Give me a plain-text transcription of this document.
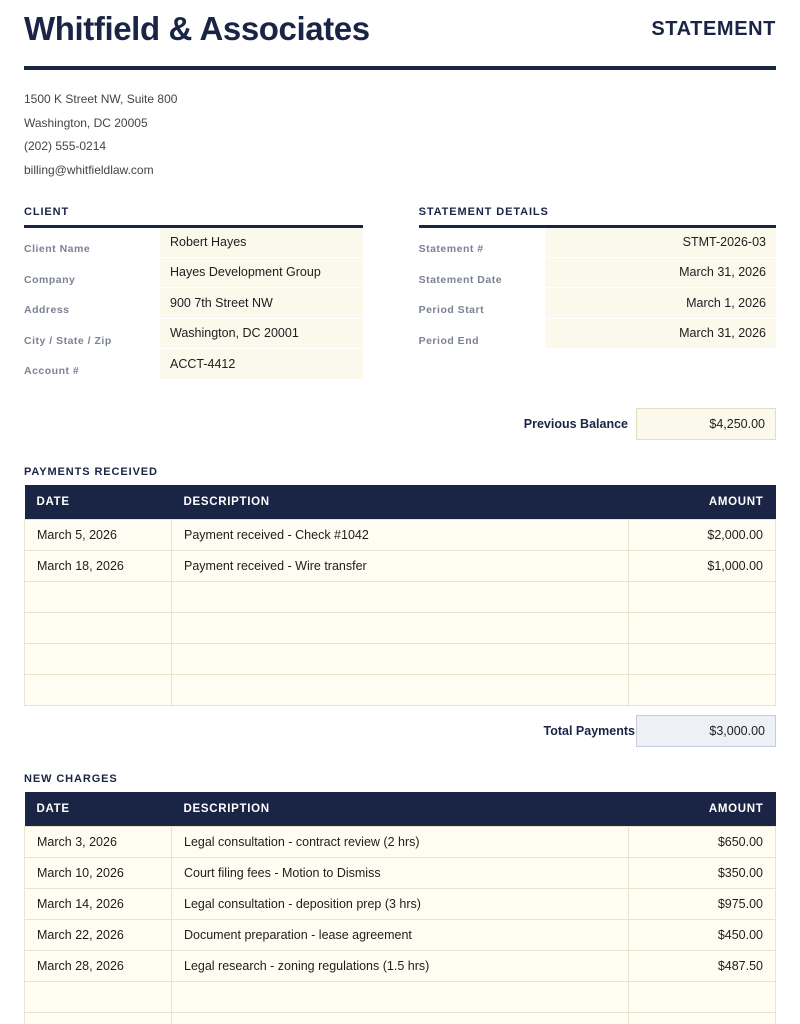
Whitfield & Associates	STATEMENT
1500 K Street NW, Suite 800
Washington, DC 20005
(202) 555-0214
billing@whitfieldlaw.com
CLIENT
Client Name	Robert Hayes
Company	Hayes Development Group
Address	900 7th Street NW
City / State / Zip	Washington, DC 20001
Account #	ACCT-4412
STATEMENT DETAILS
Statement #	STMT-2026-03
Statement Date	March 31, 2026
Period Start	March 1, 2026
Period End	March 31, 2026
Previous Balance	$4,250.00
PAYMENTS RECEIVED
DATE	DESCRIPTION	AMOUNT
March 5, 2026	Payment received - Check #1042	$2,000.00
March 18, 2026	Payment received - Wire transfer	$1,000.00

Total Payments	$3,000.00
NEW CHARGES
DATE	DESCRIPTION	AMOUNT
March 3, 2026	Legal consultation - contract review (2 hrs)	$650.00
March 10, 2026	Court filing fees - Motion to Dismiss	$350.00
March 14, 2026	Legal consultation - deposition prep (3 hrs)	$975.00
March 22, 2026	Document preparation - lease agreement	$450.00
March 28, 2026	Legal research - zoning regulations (1.5 hrs)	$487.50
